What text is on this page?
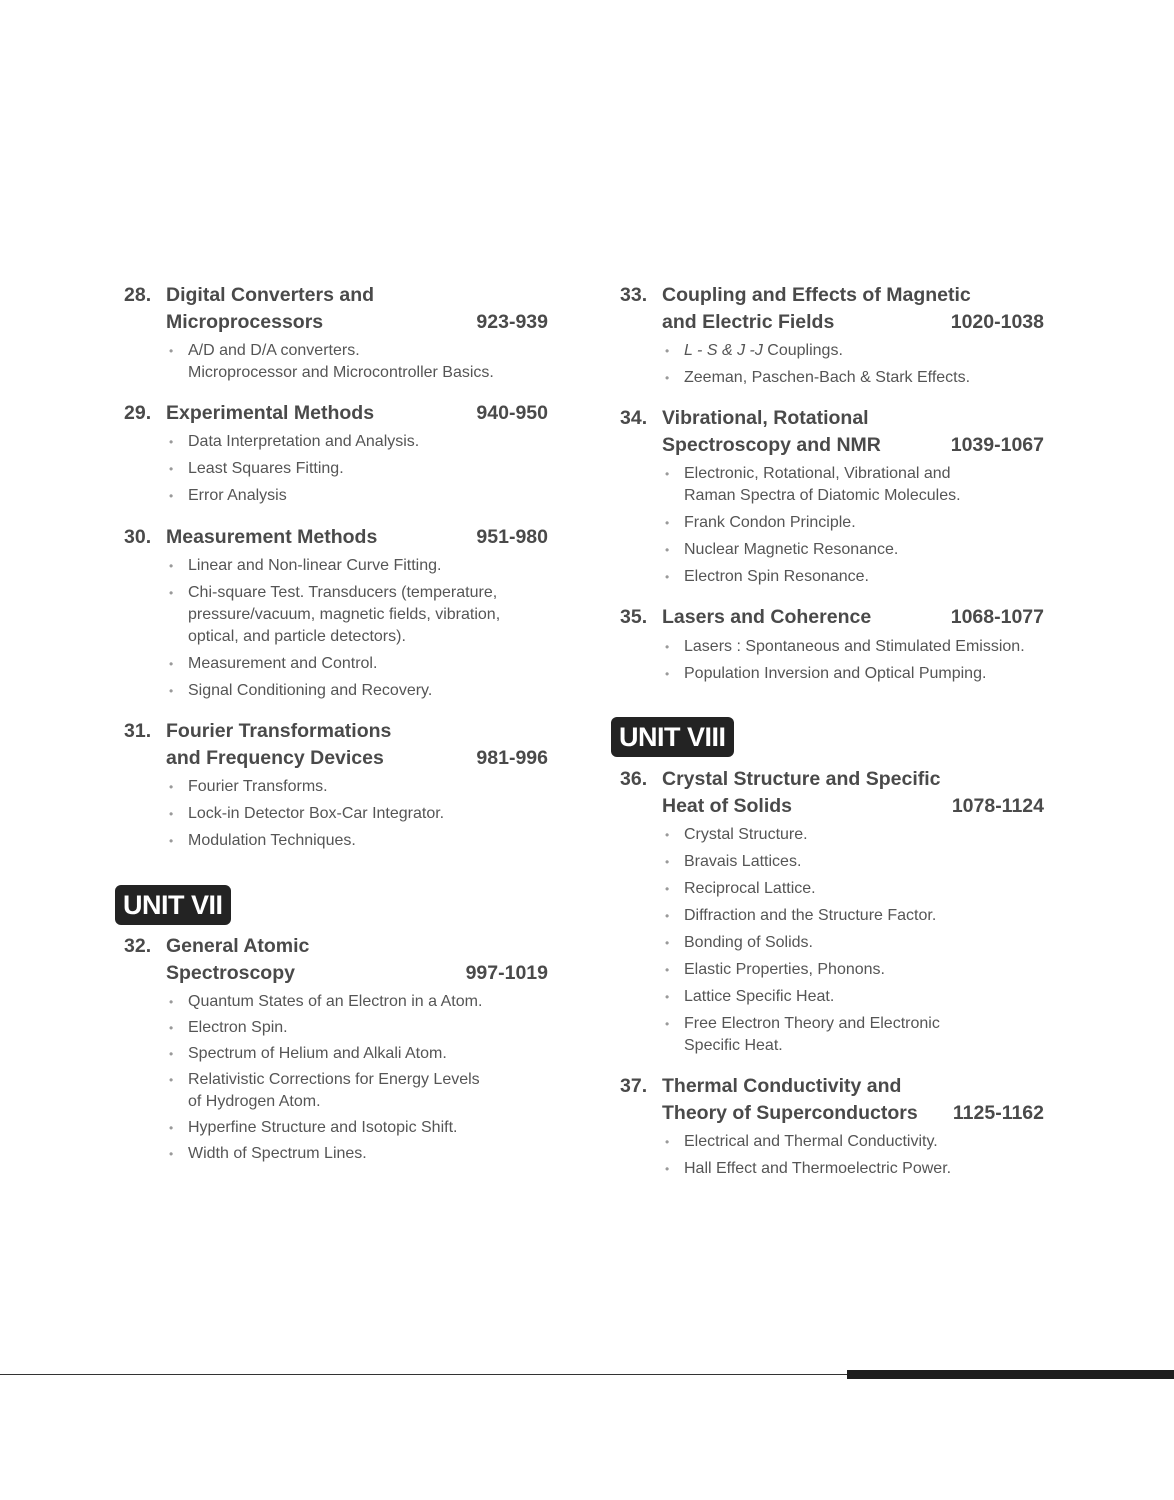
28. Digital Converters and
Microprocessors	923-939
• A/D and D/A converters.
Microprocessor and Microcontroller Basics.
29. Experimental Methods	940-950
• Data Interpretation and Analysis.
• Least Squares Fitting.
• Error Analysis
30. Measurement Methods	951-980
• Linear and Non-linear Curve Fitting.
• Chi-square Test. Transducers (temperature,
pressure/vacuum, magnetic fields, vibration,
optical, and particle detectors).
• Measurement and Control.
• Signal Conditioning and Recovery.
31. Fourier Transformations
and Frequency Devices	981-996
• Fourier Transforms.
• Lock-in Detector Box-Car Integrator.
• Modulation Techniques.
UNIT VII
32. General Atomic
Spectroscopy	997-1019
• Quantum States of an Electron in a Atom.
• Electron Spin.
• Spectrum of Helium and Alkali Atom.
• Relativistic Corrections for Energy Levels
of Hydrogen Atom.
• Hyperfine Structure and Isotopic Shift.
• Width of Spectrum Lines.
33. Coupling and Effects of Magnetic
and Electric Fields	1020-1038
• L - S & J -J Couplings.
• Zeeman, Paschen-Bach & Stark Effects.
34. Vibrational, Rotational
Spectroscopy and NMR	1039-1067
• Electronic, Rotational, Vibrational and
Raman Spectra of Diatomic Molecules.
• Frank Condon Principle.
• Nuclear Magnetic Resonance.
• Electron Spin Resonance.
35. Lasers and Coherence	1068-1077
• Lasers : Spontaneous and Stimulated Emission.
• Population Inversion and Optical Pumping.
UNIT VIII
36. Crystal Structure and Specific
Heat of Solids	1078-1124
• Crystal Structure.
• Bravais Lattices.
• Reciprocal Lattice.
• Diffraction and the Structure Factor.
• Bonding of Solids.
• Elastic Properties, Phonons.
• Lattice Specific Heat.
• Free Electron Theory and Electronic
Specific Heat.
37. Thermal Conductivity and
Theory of Superconductors	1125-1162
• Electrical and Thermal Conductivity.
• Hall Effect and Thermoelectric Power.
